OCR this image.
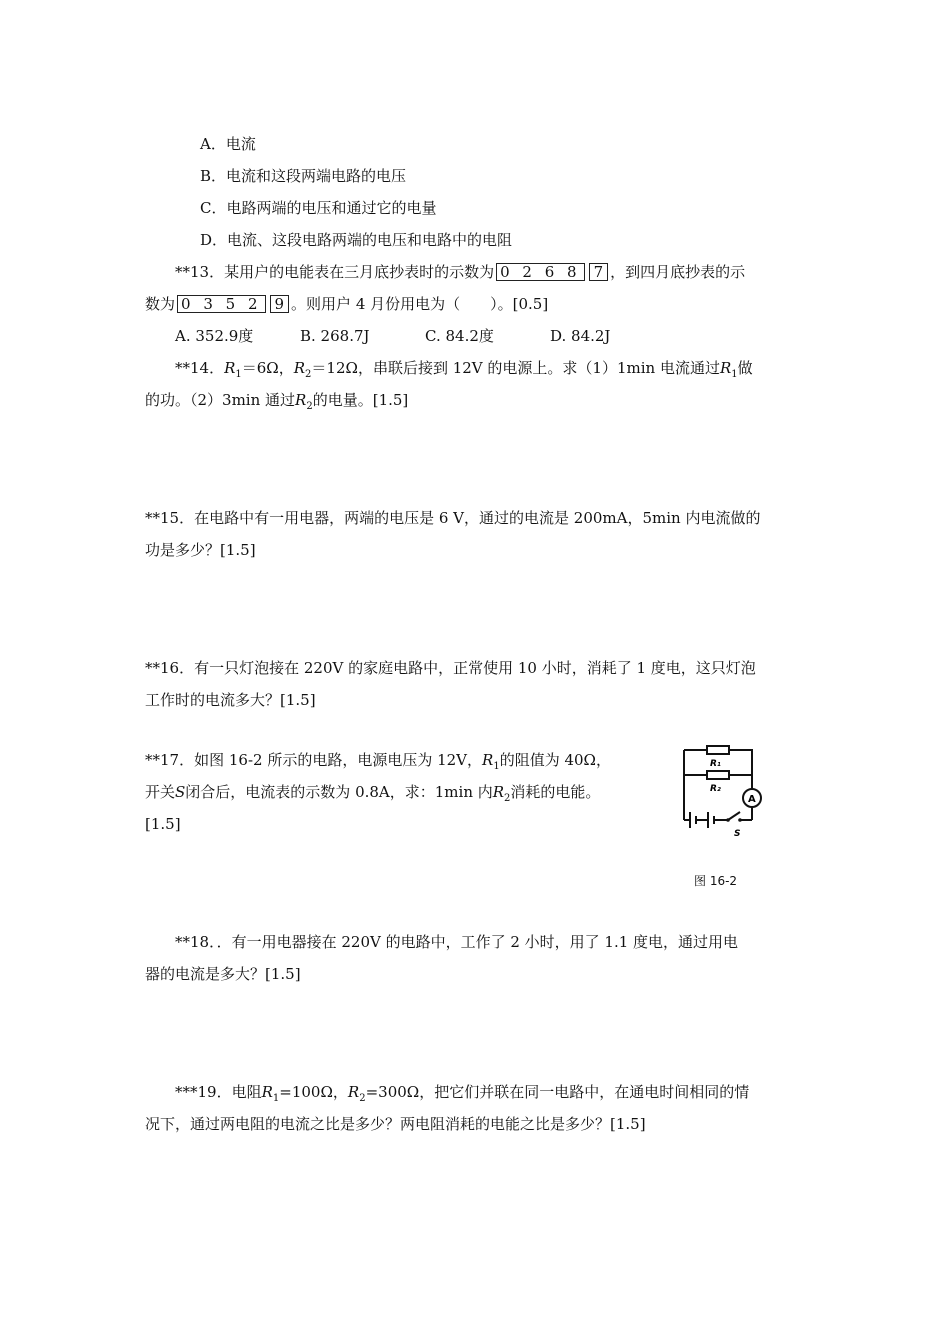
A．电流
B．电流和这段两端电路的电压
C．电路两端的电压和通过它的电量
D．电流、这段电路两端的电压和电路中的电阻
**13．某用户的电能表在三月底抄表时的示数为 0 2 6 8 7 ，到四月底抄表的示
数为 0 3 5 2 9 。则用户 4 月份用电为（　　）。[0.5]
A. 352.9度	B. 268.7J	C. 84.2度	D. 84.2J
**14．$R_1=6\Omega$，$R_2=12\Omega$，串联后接到 12V 的电源上。求（1）1min 电流通过$R_1$做
的功。（2）3min 通过$R_2$的电量。[1.5]
**15．在电路中有一用电器，两端的电压是 6 V，通过的电流是 200mA，5min 内电流做的
功是多少？[1.5]
**16．有一只灯泡接在 220V 的家庭电路中，正常使用 10 小时，消耗了 1 度电，这只灯泡
工作时的电流多大？[1.5]
**17．如图 16-2 所示的电路，电源电压为 12V，$R_1$的阻值为 40Ω，
开关S闭合后，电流表的示数为 0.8A，求：1min 内$R_2$消耗的电能。
[1.5]
R₁
R₂
A
S
图 16-2
**18．．有一用电器接在 220V 的电路中，工作了 2 小时，用了 1.1 度电，通过用电
器的电流是多大？[1.5]
***19．电阻$R_1=100\Omega$，$R_2=300\Omega$，把它们并联在同一电路中，在通电时间相同的情
况下，通过两电阻的电流之比是多少？两电阻消耗的电能之比是多少？[1.5]
